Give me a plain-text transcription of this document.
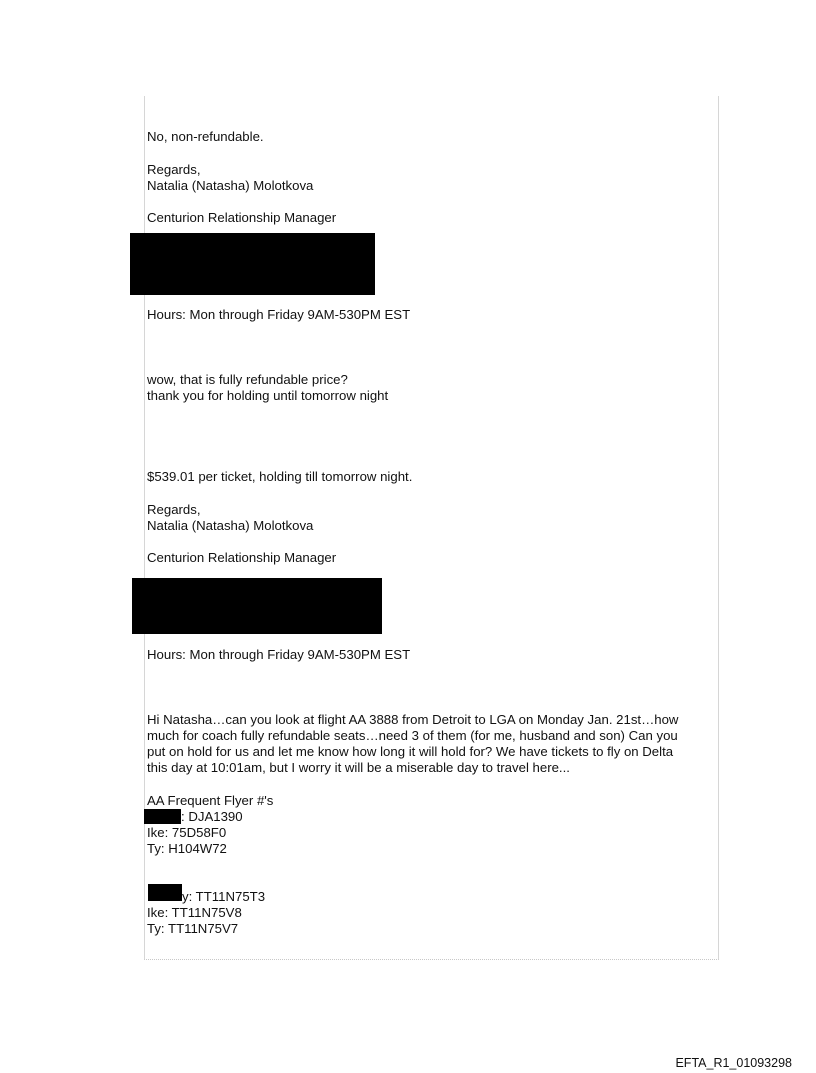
No, non-refundable.

Regards,

Natalia (Natasha) Molotkova

Centurion Relationship Manager

Hours: Mon through Friday 9AM-530PM EST

wow, that is fully refundable price?

thank you for holding until tomorrow night

$539.01 per ticket, holding till tomorrow night.

Regards,

Natalia (Natasha) Molotkova

Centurion Relationship Manager

Hours: Mon through Friday 9AM-530PM EST

Hi Natasha…can you look at flight AA 3888 from Detroit to LGA on Monday Jan. 21st…how

much for coach fully refundable seats…need 3 of them (for me, husband and son) Can you

put on hold for us and let me know how long it will hold for? We have tickets to fly on Delta

this day at 10:01am, but I worry it will be a miserable day to travel here...

AA Frequent Flyer #'s

: DJA1390

Ike: 75D58F0

Ty: H104W72

y: TT11N75T3

Ike: TT11N75V8

Ty: TT11N75V7

EFTA_R1_01093298
